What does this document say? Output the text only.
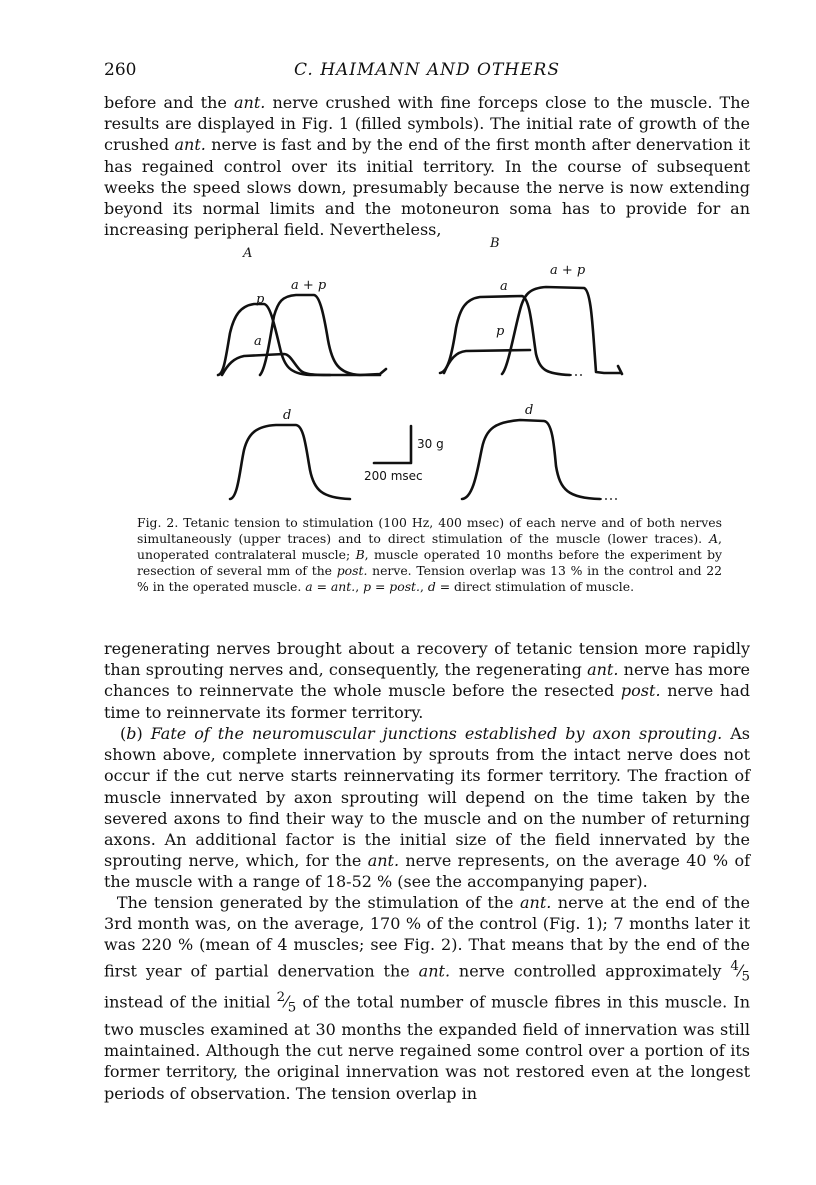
260	C. HAIMANN AND OTHERS

before and the ant. nerve crushed with fine forceps close to the muscle. The results are displayed in Fig. 1 (filled symbols). The initial rate of growth of the crushed ant. nerve is fast and by the end of the first month after denervation it has regained control over its initial territory. In the course of subsequent weeks the speed slows down, presumably because the nerve is now extending beyond its normal limits and the motoneuron soma has to provide for an increasing peripheral field. Nevertheless,

A
B
a + p
p
a
a + p
a
p
d	d
30 g
200 msec

Fig. 2. Tetanic tension to stimulation (100 Hz, 400 msec) of each nerve and of both nerves simultaneously (upper traces) and to direct stimulation of the muscle (lower traces). A, unoperated contralateral muscle; B, muscle operated 10 months before the experiment by resection of several mm of the post. nerve. Tension overlap was 13 % in the control and 22 % in the operated muscle. a = ant., p = post., d = direct stimulation of muscle.

regenerating nerves brought about a recovery of tetanic tension more rapidly than sprouting nerves and, consequently, the regenerating ant. nerve has more chances to reinnervate the whole muscle before the resected post. nerve had time to reinnervate its former territory.

(b) Fate of the neuromuscular junctions established by axon sprouting. As shown above, complete innervation by sprouts from the intact nerve does not occur if the cut nerve starts reinnervating its former territory. The fraction of muscle innervated by axon sprouting will depend on the time taken by the severed axons to find their way to the muscle and on the number of returning axons. An additional factor is the initial size of the field innervated by the sprouting nerve, which, for the ant. nerve represents, on the average 40 % of the muscle with a range of 18-52 % (see the accompanying paper).

The tension generated by the stimulation of the ant. nerve at the end of the 3rd month was, on the average, 170 % of the control (Fig. 1); 7 months later it was 220 % (mean of 4 muscles; see Fig. 2). That means that by the end of the first year of partial denervation the ant. nerve controlled approximately $^4⁄_5$ instead of the initial $^2⁄_5$ of the total number of muscle fibres in this muscle. In two muscles examined at 30 months the expanded field of innervation was still maintained. Although the cut nerve regained some control over a portion of its former territory, the original innervation was not restored even at the longest periods of observation. The tension overlap in
